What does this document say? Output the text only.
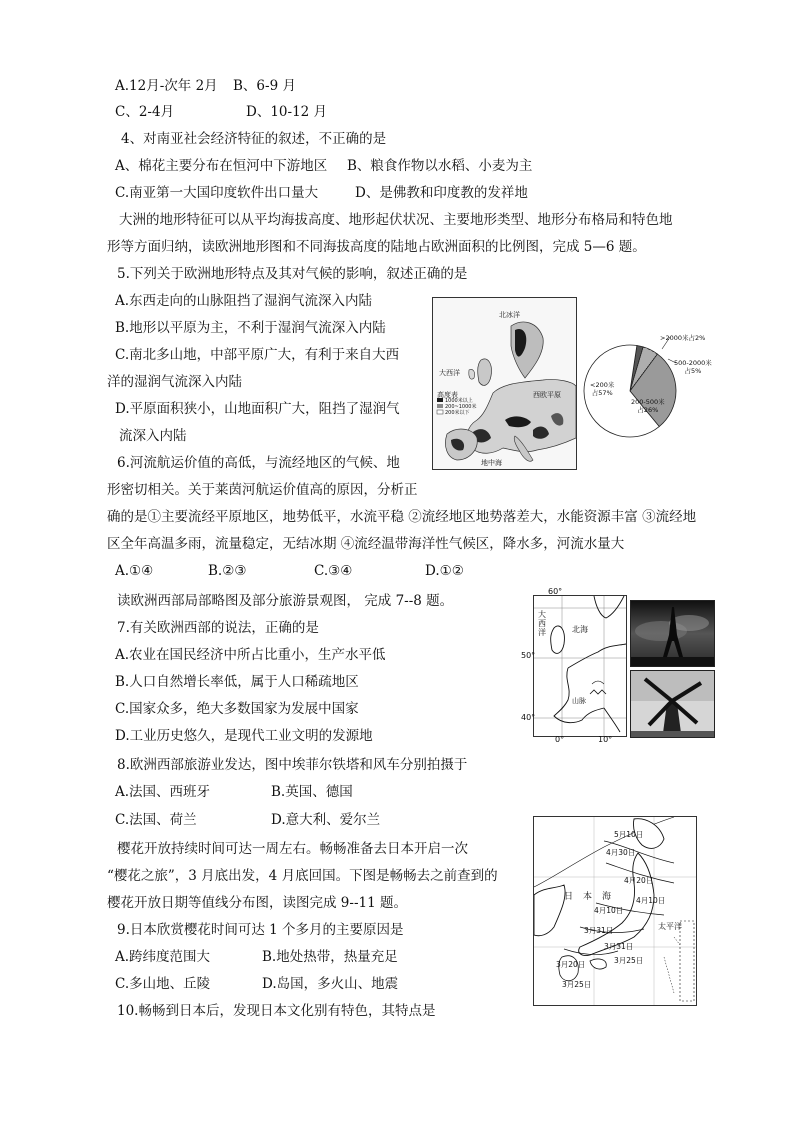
A.12月-次年 2月 B、6-9 月
C、2-4月	D、10-12 月
4、对南亚社会经济特征的叙述，不正确的是
A、棉花主要分布在恒河中下游地区 B、粮食作物以水稻、小麦为主
C.南亚第一大国印度软件出口量大	D、是佛教和印度教的发祥地
大洲的地形特征可以从平均海拔高度、地形起伏状况、主要地形类型、地形分布格局和特色地
形等方面归纳，读欧洲地形图和不同海拔高度的陆地占欧洲面积的比例图，完成 5—6 题。
5.下列关于欧洲地形特点及其对气候的影响，叙述正确的是
A.东西走向的山脉阻挡了湿润气流深入内陆
B.地形以平原为主，不利于湿润气流深入内陆
C.南北多山地，中部平原广大，有利于来自大西
洋的湿润气流深入内陆
D.平原面积狭小，山地面积广大，阻挡了湿润气
流深入内陆
6.河流航运价值的高低，与流经地区的气候、地
形密切相关。关于莱茵河航运价值高的原因，分析正
确的是①主要流经平原地区，地势低平，水流平稳 ②流经地区地势落差大，水能资源丰富 ③流经地
区全年高温多雨，流量稳定，无结冰期 ④流经温带海洋性气候区，降水多，河流水量大
A.①④	B.②③	C.③④	D.①②
读欧洲西部局部略图及部分旅游景观图， 完成 7--8 题。
7.有关欧洲西部的说法，正确的是
A.农业在国民经济中所占比重小，生产水平低
B.人口自然增长率低，属于人口稀疏地区
C.国家众多，绝大多数国家为发展中国家
D.工业历史悠久，是现代工业文明的发源地
8.欧洲西部旅游业发达，图中埃菲尔铁塔和风车分别拍摄于
A.法国、西班牙	B.英国、德国
C.法国、荷兰	D.意大利、爱尔兰
樱花开放持续时间可达一周左右。畅畅准备去日本开启一次
“樱花之旅”，3 月底出发，4 月底回国。下图是畅畅去之前查到的
樱花开放日期等值线分布图，读图完成 9--11 题。
9.日本欣赏樱花时间可达 1 个多月的主要原因是
A.跨纬度范围大	B.地处热带，热量充足
C.多山地、丘陵	D.岛国，多火山、地震
10.畅畅到日本后，发现日本文化别有特色，其特点是
北冰洋
大西洋
西欧平原
地中海
高度表
1000米以上
200~1000米
200米以下
>2000米占2%
500-2000米
占5%
200-500米
占26%
<200米
占57%
大西洋	北海
山脉
60°
50°
40°
0°	10°
5月10日
4月30日
4月20日
4月10日
3月31日
3月25日
3月20日
3月25日
3月31日
4月10日
日本海
太平洋
